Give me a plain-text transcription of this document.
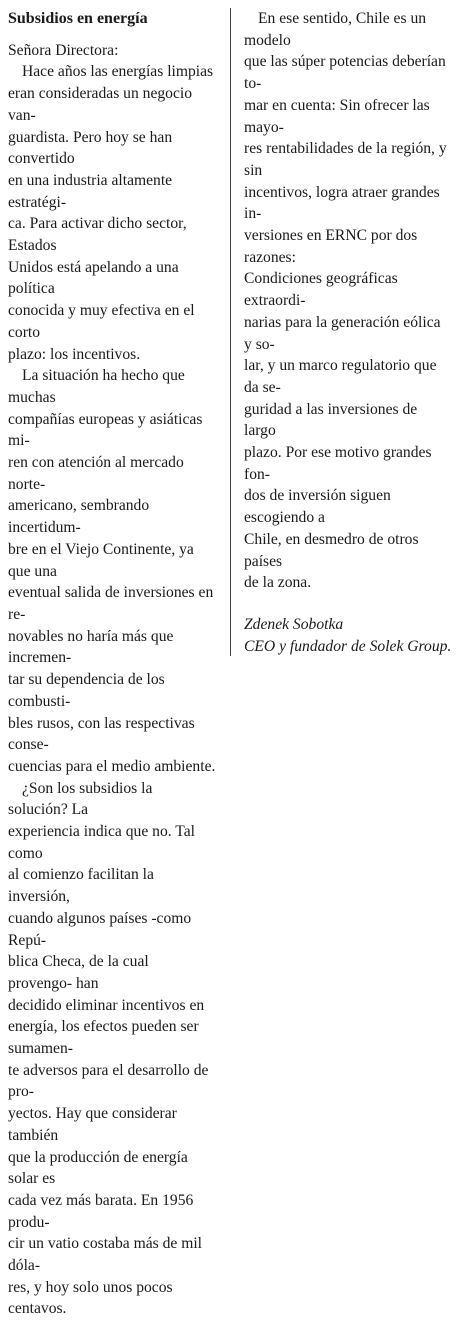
Subsidios en energía
Señora Directora:
Hace años las energías limpias
eran consideradas un negocio van-
guardista. Pero hoy se han convertido
en una industria altamente estratégi-
ca. Para activar dicho sector, Estados
Unidos está apelando a una política
conocida y muy efectiva en el corto
plazo: los incentivos.
La situación ha hecho que muchas
compañías europeas y asiáticas mi-
ren con atención al mercado norte-
americano, sembrando incertidum-
bre en el Viejo Continente, ya que una
eventual salida de inversiones en re-
novables no haría más que incremen-
tar su dependencia de los combusti-
bles rusos, con las respectivas conse-
cuencias para el medio ambiente.
¿Son los subsidios la solución? La
experiencia indica que no. Tal como
al comienzo facilitan la inversión,
cuando algunos países -como Repú-
blica Checa, de la cual provengo- han
decidido eliminar incentivos en
energía, los efectos pueden ser sumamen-
te adversos para el desarrollo de pro-
yectos. Hay que considerar también
que la producción de energía solar es
cada vez más barata. En 1956 produ-
cir un vatio costaba más de mil dóla-
res, y hoy solo unos pocos centavos.
En ese sentido, Chile es un modelo
que las súper potencias deberían to-
mar en cuenta: Sin ofrecer las mayo-
res rentabilidades de la región, y sin
incentivos, logra atraer grandes in-
versiones en ERNC por dos razones:
Condiciones geográficas extraordi-
narias para la generación eólica y so-
lar, y un marco regulatorio que da se-
guridad a las inversiones de largo
plazo. Por ese motivo grandes fon-
dos de inversión siguen escogiendo a
Chile, en desmedro de otros países
de la zona.
Zdenek Sobotka
CEO y fundador de Solek Group.
